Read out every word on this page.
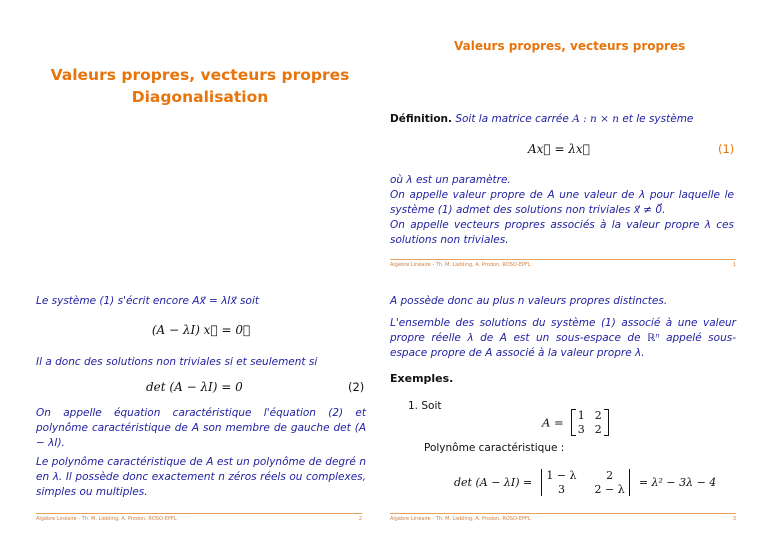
Valeurs propres, vecteurs propres
Diagonalisation
Valeurs propres, vecteurs propres
Définition. Soit la matrice carrée A : n × n et le système
Ax⃗ = λx⃗	(1)
où λ est un paramètre.
On appelle valeur propre de A une valeur de λ pour laquelle le système (1) admet des solutions non triviales x⃗ ≠ 0⃗.
On appelle vecteurs propres associés à la valeur propre λ ces solutions non triviales.
Algèbre Linéaire - Th. M. Liebling, A. Prodon, ROSO-EPFL	1
Le système (1) s'écrit encore Ax⃗ = λIx⃗ soit
(A − λI) x⃗ = 0⃗
Il a donc des solutions non triviales si et seulement si
det (A − λI) = 0	(2)
On appelle équation caractéristique l'équation (2) et polynôme caractéristique de A son membre de gauche det (A − λI).
Le polynôme caractéristique de A est un polynôme de degré n en λ. Il possède donc exactement n zéros réels ou complexes, simples ou multiples.
Algèbre Linéaire - Th. M. Liebling, A. Prodon, ROSO-EPFL	2
A possède donc au plus n valeurs propres distinctes.
L'ensemble des solutions du système (1) associé à une valeur propre réelle λ de A est un sous-espace de ℝⁿ appelé sous-espace propre de A associé à la valeur propre λ.
Exemples.
1. Soit
A = 1 2
3 2
Polynôme caractéristique :
det (A − λI) =
1 − λ	2
3	2 − λ
= λ² − 3λ − 4
Algèbre Linéaire - Th. M. Liebling, A. Prodon, ROSO-EPFL	3
